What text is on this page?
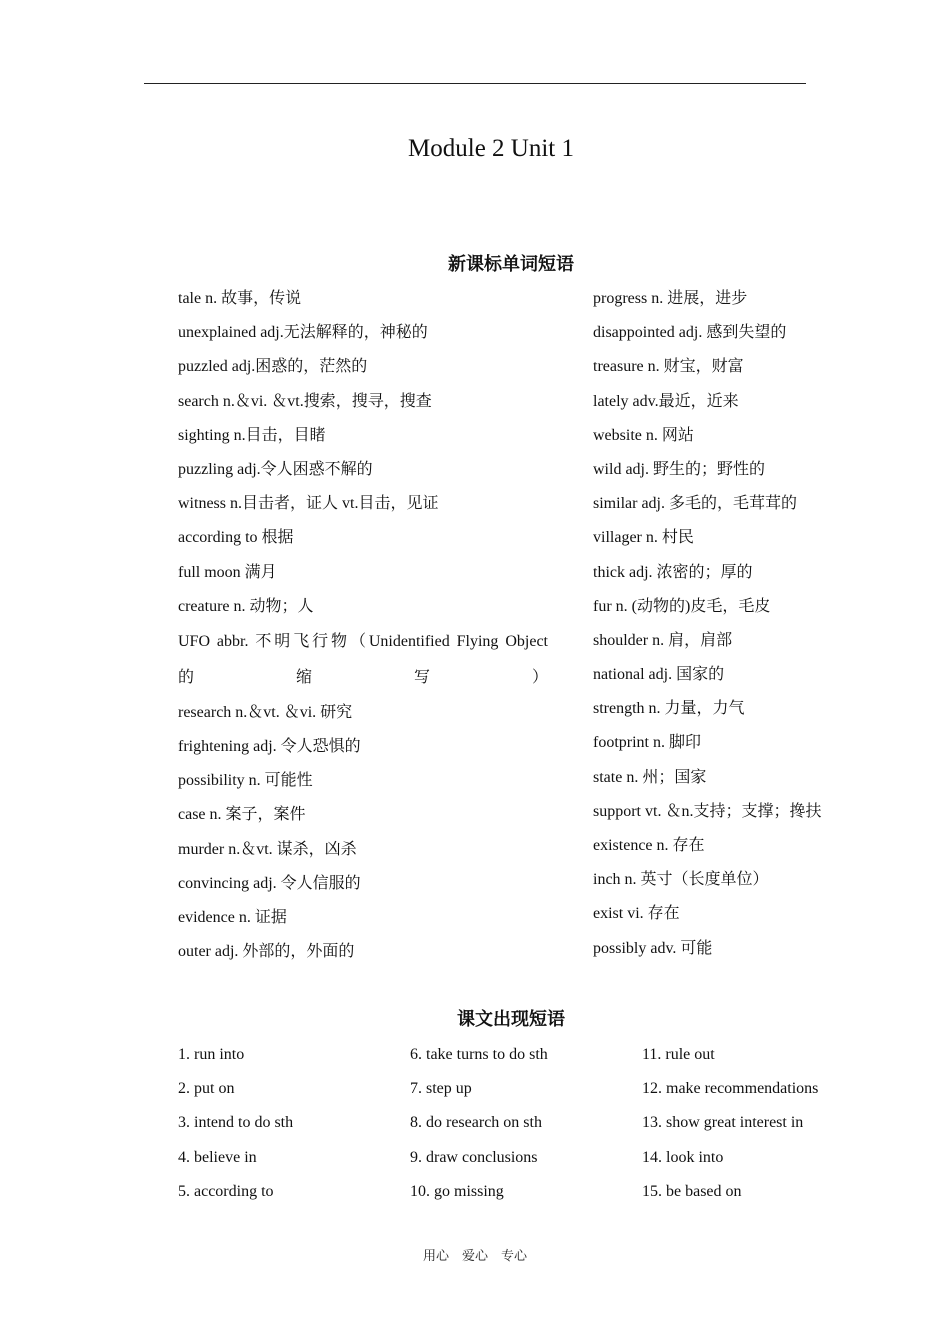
Module 2 Unit 1
新课标单词短语
tale n. 故事，传说
unexplained adj.无法解释的，神秘的
puzzled adj.困惑的，茫然的
search n.＆vi. ＆vt.搜索，搜寻，搜查
sighting n.目击，目睹
puzzling adj.令人困惑不解的
witness n.目击者，证人 vt.目击，见证
according to 根据
full moon 满月
creature n. 动物；人
UFO abbr. 不明飞行物（Unidentified Flying Object
的缩写）
research n.＆vt. ＆vi. 研究
frightening adj. 令人恐惧的
possibility n. 可能性
case n. 案子，案件
murder n.＆vt. 谋杀，凶杀
convincing adj. 令人信服的
evidence n. 证据
outer adj. 外部的，外面的
progress n. 进展，进步
disappointed adj. 感到失望的
treasure n. 财宝，财富
lately adv.最近，近来
website n. 网站
wild adj. 野生的；野性的
similar adj. 多毛的，毛茸茸的
villager n. 村民
thick adj. 浓密的；厚的
fur n. (动物的)皮毛，毛皮
shoulder n. 肩，肩部
national adj. 国家的
strength n. 力量，力气
footprint n. 脚印
state n. 州；国家
support vt. ＆n.支持；支撑；搀扶
existence n. 存在
inch n. 英寸（长度单位）
exist vi. 存在
possibly adv. 可能
课文出现短语
1. run into
2. put on
3. intend to do sth
4. believe in
5. according to
6. take turns to do sth
7. step up
8. do research on sth
9. draw conclusions
10. go missing
11. rule out
12. make recommendations
13. show great interest in
14. look into
15. be based on
用心　爱心　专心
